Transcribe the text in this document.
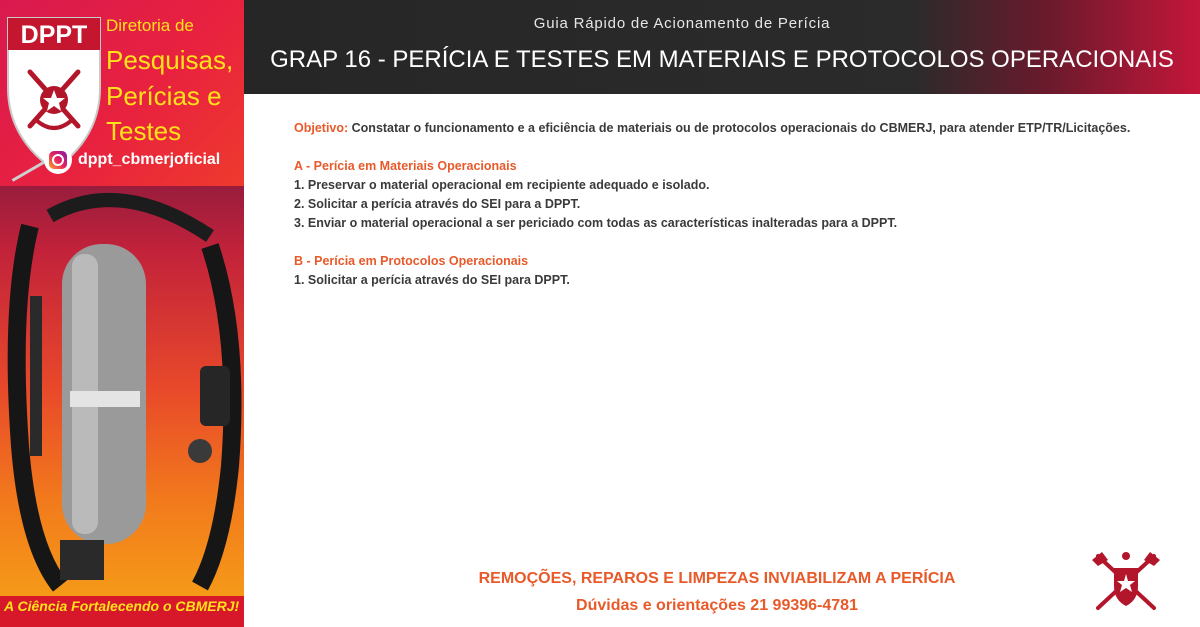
DPPT Diretoria de
Pesquisas,
Perícias e
Testes
dppt_cbmerjoficial
A Ciência Fortalecendo o CBMERJ!
Guia Rápido de Acionamento de Perícia
GRAP 16 - PERÍCIA E TESTES EM MATERIAIS E PROTOCOLOS OPERACIONAIS
Objetivo: Constatar o funcionamento e a eficiência de materiais ou de protocolos operacionais do CBMERJ, para atender ETP/TR/Licitações.
A - Perícia em Materiais Operacionais
1. Preservar o material operacional em recipiente adequado e isolado.
2. Solicitar a perícia através do SEI para a DPPT.
3. Enviar o material operacional a ser periciado com todas as características inalteradas para a DPPT.
B - Perícia em Protocolos Operacionais
1. Solicitar a perícia através do SEI para DPPT.
REMOÇÕES, REPAROS E LIMPEZAS INVIABILIZAM A PERÍCIA
Dúvidas e orientações 21 99396-4781
